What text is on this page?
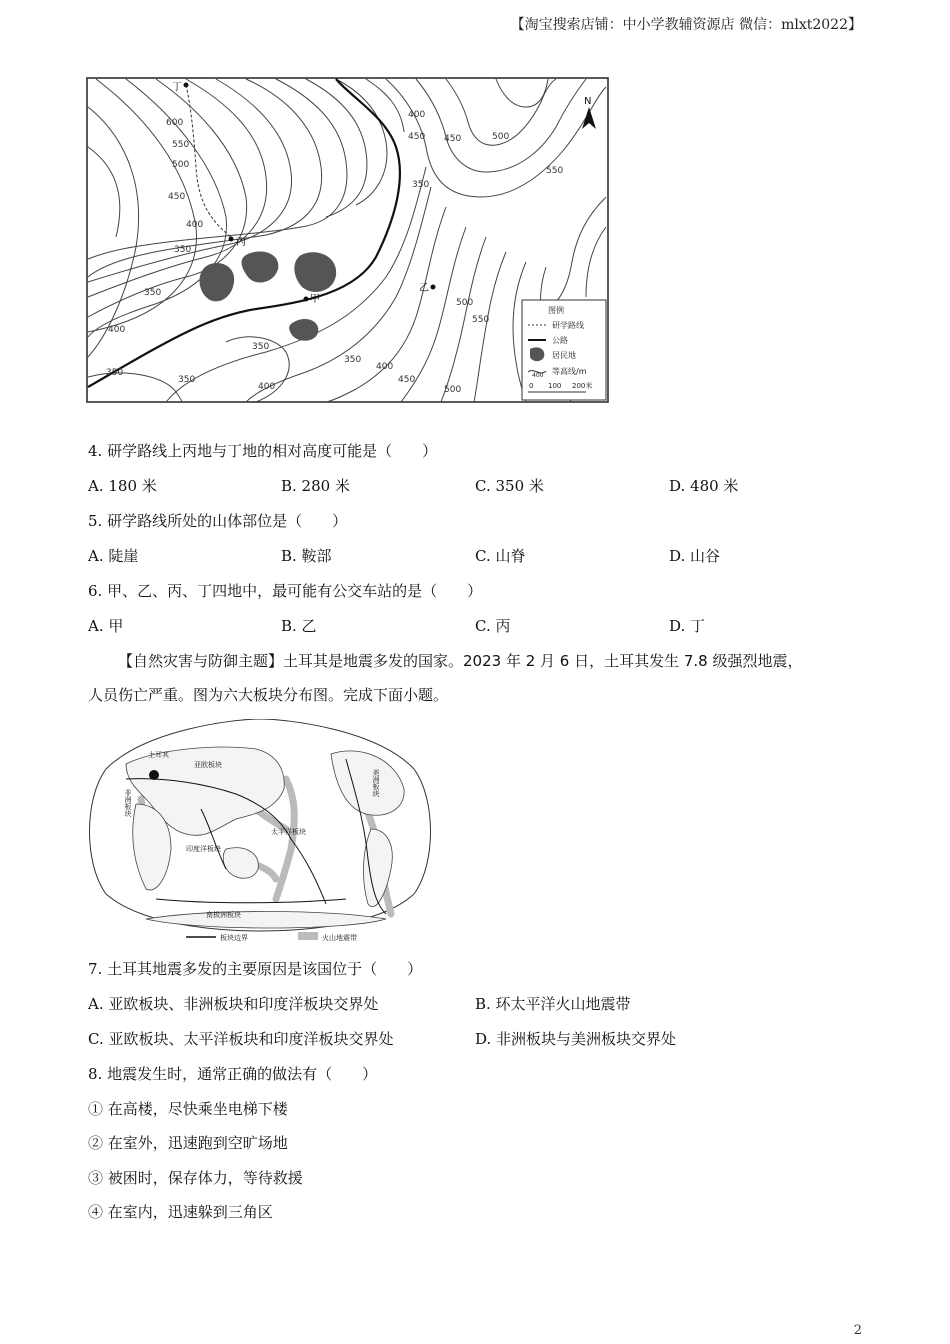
【淘宝搜索店铺：中小学教辅资源店 微信：mlxt2022】
丁
丙
甲
乙
N
600
550
500
450
400
350
350
350
400
350
350
400
450
500
400
450	500
550
350
500
550
450
400
350
图例
研学路线
公路
居民地
400 等高线/m
0 100 200米
4. 研学路线上丙地与丁地的相对高度可能是（　　）
A. 180 米	B. 280 米	C. 350 米	D. 480 米
5. 研学路线所处的山体部位是（　　）
A. 陡崖	B. 鞍部	C. 山脊	D. 山谷
6. 甲、乙、丙、丁四地中，最可能有公交车站的是（　　）
A. 甲	B. 乙	C. 丙	D. 丁
【自然灾害与防御主题】土耳其是地震多发的国家。2023 年 2 月 6 日，土耳其发生 7.8 级强烈地震，
人员伤亡严重。图为六大板块分布图。完成下面小题。
土耳其
亚欧板块
太平洋板块
印度洋板块
南极洲板块
非洲板块
美洲板块
板块边界	火山地震带
7. 土耳其地震多发的主要原因是该国位于（　　）
A. 亚欧板块、非洲板块和印度洋板块交界处	B. 环太平洋火山地震带
C. 亚欧板块、太平洋板块和印度洋板块交界处	D. 非洲板块与美洲板块交界处
8. 地震发生时，通常正确的做法有（　　）
① 在高楼，尽快乘坐电梯下楼
② 在室外，迅速跑到空旷场地
③ 被困时，保存体力，等待救援
④ 在室内，迅速躲到三角区
2
